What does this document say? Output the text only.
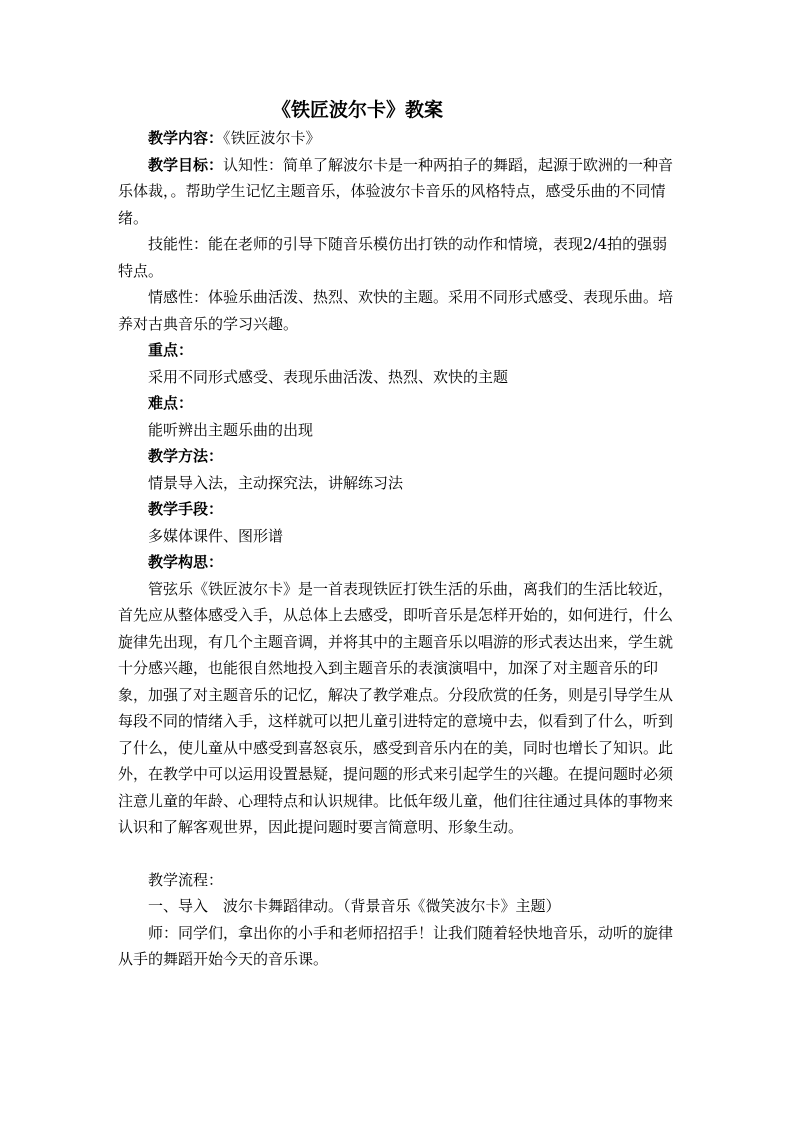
《铁匠波尔卡》教案

教学内容：《铁匠波尔卡》

教学目标：认知性：简单了解波尔卡是一种两拍子的舞蹈，起源于欧洲的一种音乐体裁，。帮助学生记忆主题音乐，体验波尔卡音乐的风格特点，感受乐曲的不同情绪。

技能性：能在老师的引导下随音乐模仿出打铁的动作和情境，表现2/4拍的强弱特点。

情感性：体验乐曲活泼、热烈、欢快的主题。采用不同形式感受、表现乐曲。培养对古典音乐的学习兴趣。

重点：

采用不同形式感受、表现乐曲活泼、热烈、欢快的主题

难点：

能听辨出主题乐曲的出现

教学方法：

情景导入法，主动探究法，讲解练习法

教学手段：

多媒体课件、图形谱

教学构思：

管弦乐《铁匠波尔卡》是一首表现铁匠打铁生活的乐曲，离我们的生活比较近，首先应从整体感受入手，从总体上去感受，即听音乐是怎样开始的，如何进行，什么旋律先出现，有几个主题音调，并将其中的主题音乐以唱游的形式表达出来，学生就十分感兴趣，也能很自然地投入到主题音乐的表演演唱中，加深了对主题音乐的印象，加强了对主题音乐的记忆，解决了教学难点。分段欣赏的任务，则是引导学生从每段不同的情绪入手，这样就可以把儿童引进特定的意境中去，似看到了什么，听到了什么，使儿童从中感受到喜怒哀乐，感受到音乐内在的美，同时也增长了知识。此外，在教学中可以运用设置悬疑，提问题的形式来引起学生的兴趣。在提问题时必须注意儿童的年龄、心理特点和认识规律。比低年级儿童，他们往往通过具体的事物来认识和了解客观世界，因此提问题时要言简意明、形象生动。

教学流程：

一、导入　波尔卡舞蹈律动。（背景音乐《微笑波尔卡》主题）

师：同学们，拿出你的小手和老师招招手！让我们随着轻快地音乐，动听的旋律从手的舞蹈开始今天的音乐课。
